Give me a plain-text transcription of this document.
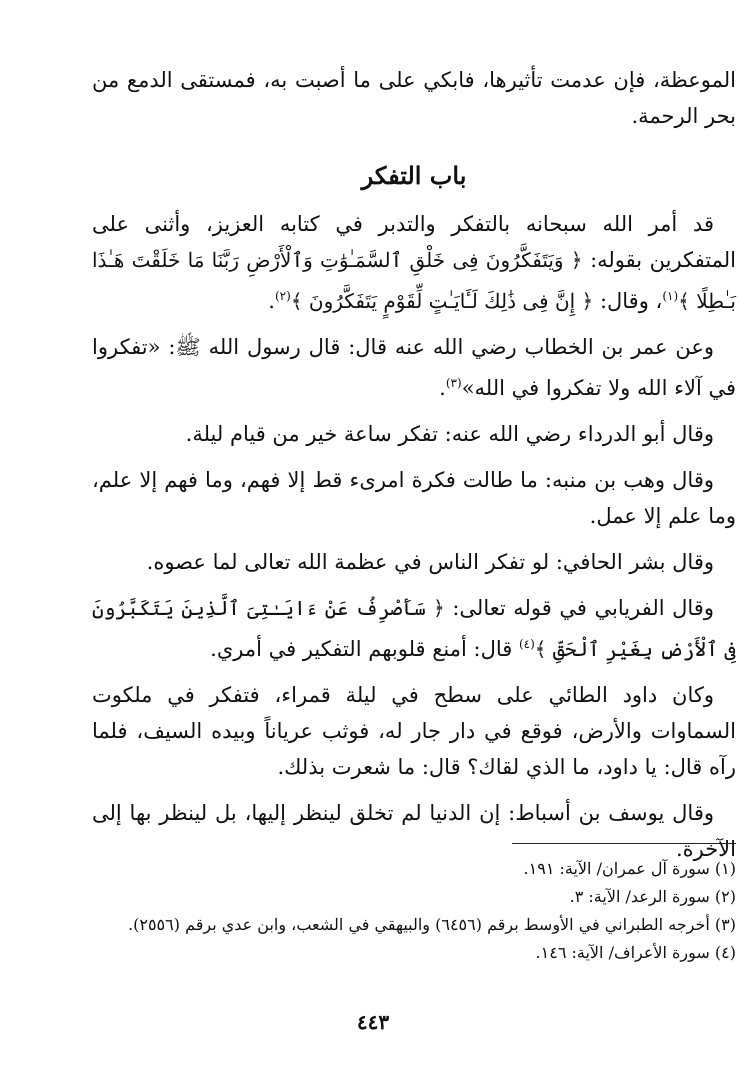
الموعظة، فإن عدمت تأثيرها، فابكي على ما أصبت به، فمستقى الدمع من بحر الرحمة.

باب التفكر

قد أمر الله سبحانه بالتفكر والتدبر في كتابه العزيز، وأثنى على المتفكرين بقوله: ﴿ وَيَتَفَكَّرُونَ فِى خَلْقِ ٱلسَّمَـٰوَٰتِ وَٱلْأَرْضِ رَبَّنَا مَا خَلَقْتَ هَـٰذَا بَـٰطِلًا ﴾$^{(١)}$، وقال: ﴿ إِنَّ فِى ذَٰلِكَ لَـَٔايَـٰتٍ لِّقَوْمٍ يَتَفَكَّرُونَ ﴾$^{(٢)}$.

وعن عمر بن الخطاب رضي الله عنه قال: قال رسول الله ﷺ: «تفكروا في آلاء الله ولا تفكروا في الله»$^{(٣)}$.

وقال أبو الدرداء رضي الله عنه: تفكر ساعة خير من قيام ليلة.

وقال وهب بن منبه: ما طالت فكرة امرىء قط إلا فهم، وما فهم إلا علم، وما علم إلا عمل.

وقال بشر الحافي: لو تفكر الناس في عظمة الله تعالى لما عصوه.

وقال الفريابي في قوله تعالى: ﴿ سَأَصْرِفُ عَنْ ءَايَـٰتِىَ ٱلَّذِينَ يَتَكَبَّرُونَ فِى ٱلْأَرْضِ بِغَيْرِ ٱلْحَقِّ ﴾$^{(٤)}$ قال: أمنع قلوبهم التفكير في أمري.

وكان داود الطائي على سطح في ليلة قمراء، فتفكر في ملكوت السماوات والأرض، فوقع في دار جار له، فوثب عرياناً وبيده السيف، فلما رآه قال: يا داود، ما الذي لقاك؟ قال: ما شعرت بذلك.

وقال يوسف بن أسباط: إن الدنيا لم تخلق لينظر إليها، بل لينظر بها إلى الآخرة.

(١) سورة آل عمران/ الآية: ١٩١.

(٢) سورة الرعد/ الآية: ٣.

(٣) أخرجه الطبراني في الأوسط برقم (٦٤٥٦) والبيهقي في الشعب، وابن عدي برقم (٢٥٥٦).

(٤) سورة الأعراف/ الآية: ١٤٦.

٤٤٣
